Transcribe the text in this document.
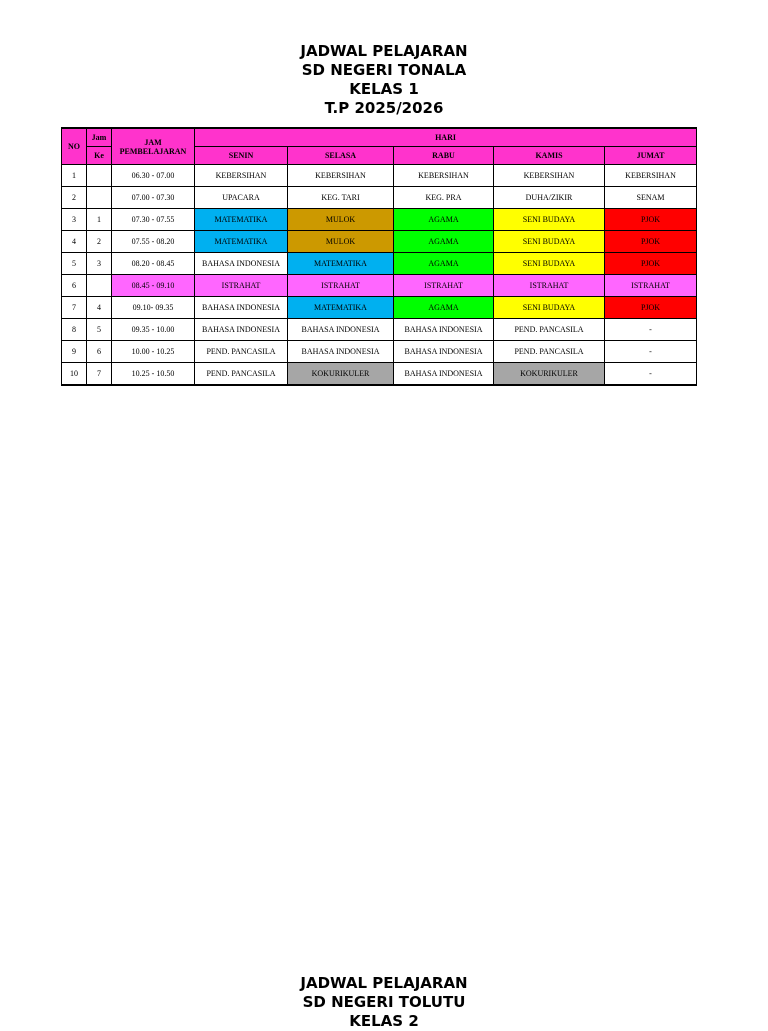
JADWAL PELAJARAN
SD NEGERI TONALA
KELAS 1
T.P 2025/2026
NO	Jam	JAM
PEMBELAJARAN	HARI				
	Ke		SENIN	SELASA	RABU	KAMIS	JUMAT
1		06.30 - 07.00	KEBERSIHAN	KEBERSIHAN	KEBERSIHAN	KEBERSIHAN	KEBERSIHAN
2		07.00 - 07.30	UPACARA	KEG. TARI	KEG. PRA	DUHA/ZIKIR	SENAM
3	1	07.30 - 07.55	MATEMATIKA	MULOK	AGAMA	SENI BUDAYA	PJOK
4	2	07.55 - 08.20	MATEMATIKA	MULOK	AGAMA	SENI BUDAYA	PJOK
5	3	08.20 - 08.45	BAHASA INDONESIA	MATEMATIKA	AGAMA	SENI BUDAYA	PJOK
6		08.45 - 09.10	ISTRAHAT	ISTRAHAT	ISTRAHAT	ISTRAHAT	ISTRAHAT
7	4	09.10- 09.35	BAHASA INDONESIA	MATEMATIKA	AGAMA	SENI BUDAYA	PJOK
8	5	09.35 - 10.00	BAHASA INDONESIA	BAHASA INDONESIA	BAHASA INDONESIA	PEND. PANCASILA	-
9	6	10.00 - 10.25	PEND. PANCASILA	BAHASA INDONESIA	BAHASA INDONESIA	PEND. PANCASILA	-
10	7	10.25 - 10.50	PEND. PANCASILA	KOKURIKULER	BAHASA INDONESIA	KOKURIKULER	-
JADWAL PELAJARAN
SD NEGERI TOLUTU
KELAS 2
